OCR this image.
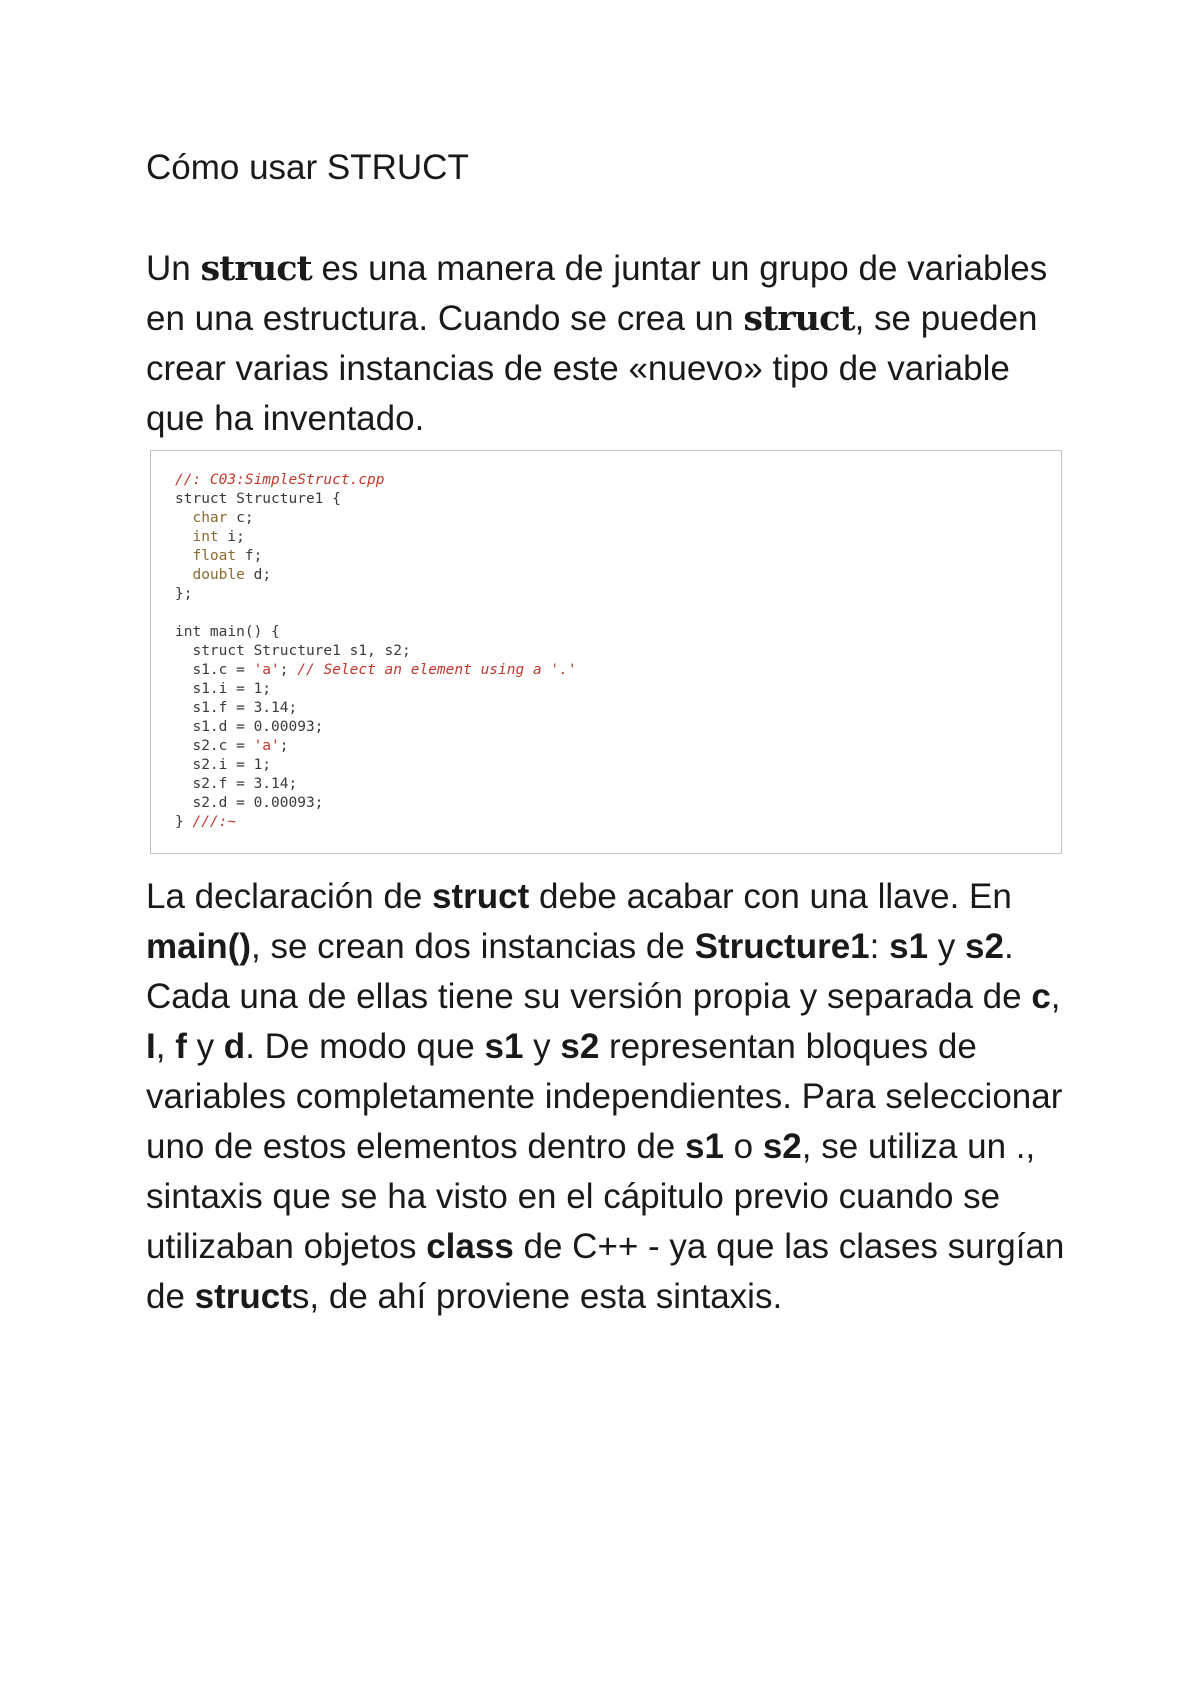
Cómo usar STRUCT

Un struct es una manera de juntar un grupo de variables en una estructura. Cuando se crea un struct, se pueden crear varias instancias de este «nuevo» tipo de variable que ha inventado.

//: C03:SimpleStruct.cpp
struct Structure1 {
char c;
int i;
float f;
double d;
};
int main() {
struct Structure1 s1, s2;
s1.c = 'a'; // Select an element using a '.'
s1.i = 1;
s1.f = 3.14;
s1.d = 0.00093;
s2.c = 'a';
s2.i = 1;
s2.f = 3.14;
s2.d = 0.00093;
} ///:~

La declaración de struct debe acabar con una llave. En main(), se crean dos instancias de Structure1: s1 y s2. Cada una de ellas tiene su versión propia y separada de c, I, f y d. De modo que s1 y s2 representan bloques de variables completamente independientes. Para seleccionar uno de estos elementos dentro de s1 o s2, se utiliza un ., sintaxis que se ha visto en el cápitulo previo cuando se utilizaban objetos class de C++ - ya que las clases surgían de structs, de ahí proviene esta sintaxis.
